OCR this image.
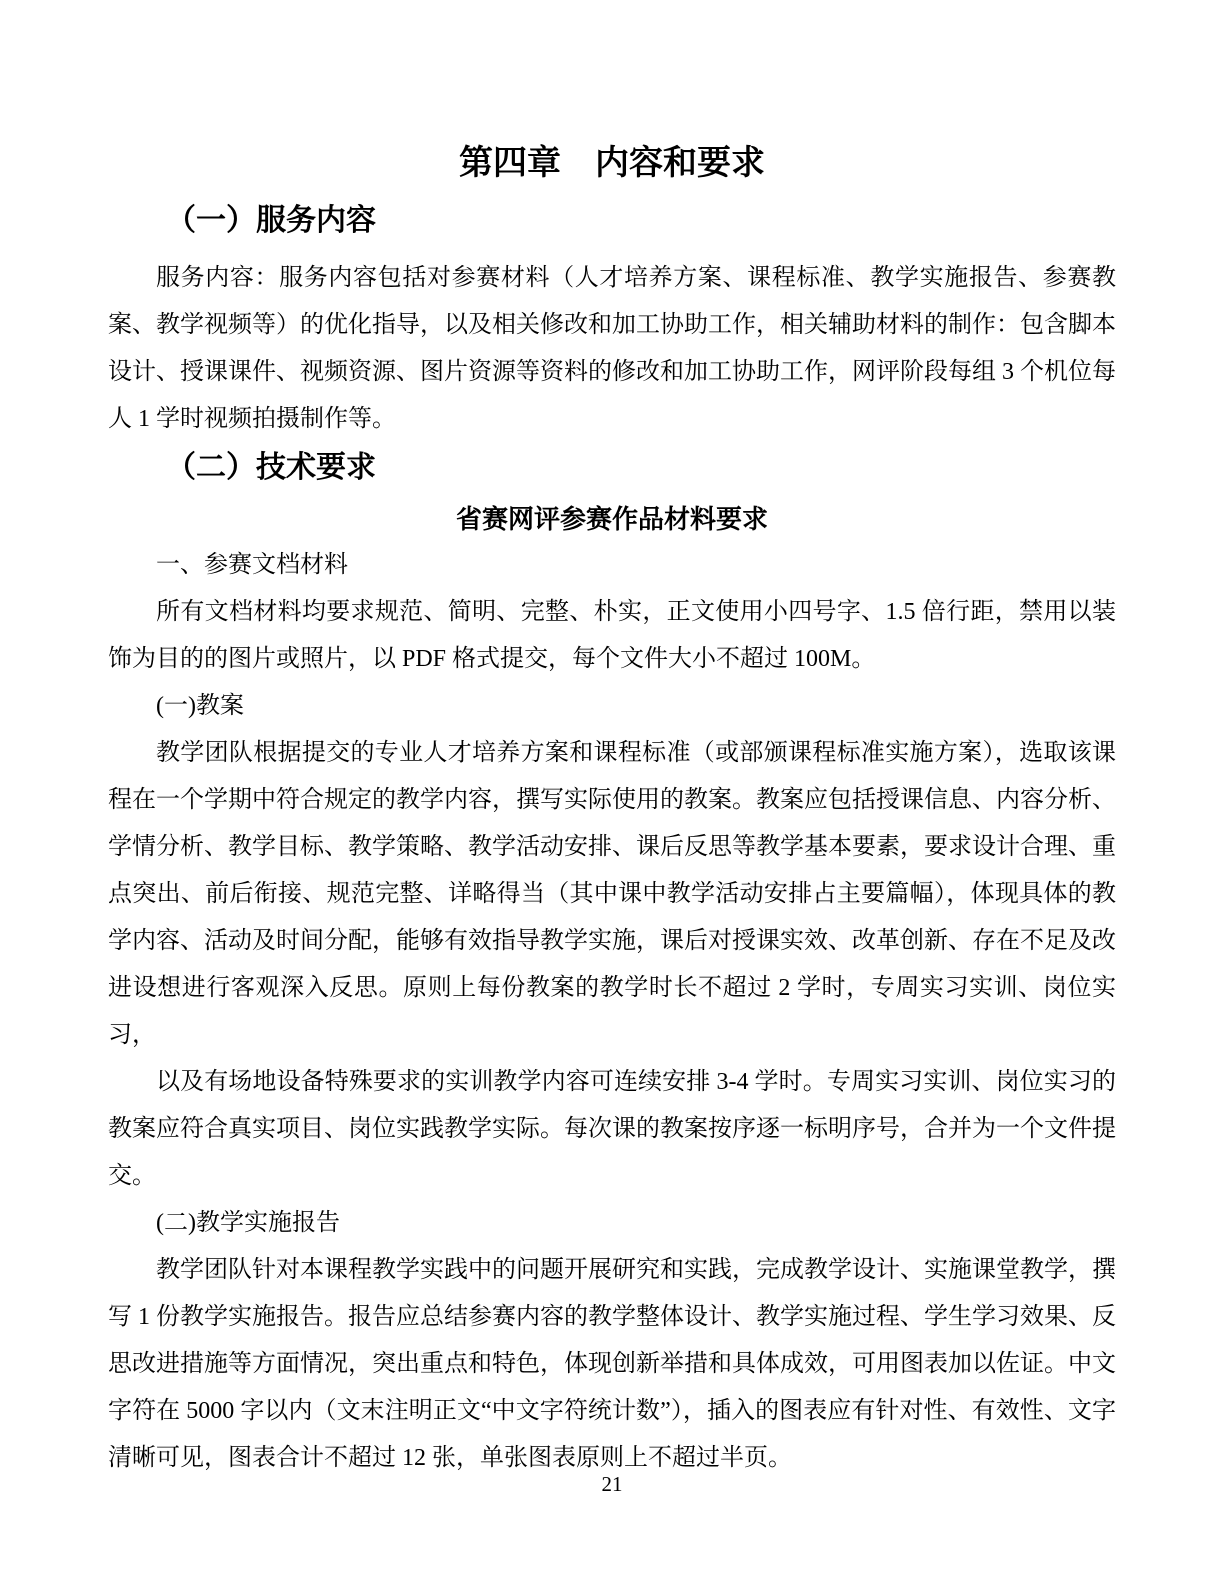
第四章　内容和要求
（一）服务内容

服务内容：服务内容包括对参赛材料（人才培养方案、课程标准、教学实施报告、参赛教案、教学视频等）的优化指导，以及相关修改和加工协助工作，相关辅助材料的制作：包含脚本设计、授课课件、视频资源、图片资源等资料的修改和加工协助工作，网评阶段每组 3 个机位每人 1 学时视频拍摄制作等。

（二）技术要求
省赛网评参赛作品材料要求

一、参赛文档材料

所有文档材料均要求规范、简明、完整、朴实，正文使用小四号字、1.5 倍行距，禁用以装饰为目的的图片或照片，以 PDF 格式提交，每个文件大小不超过 100M。

(一)教案

教学团队根据提交的专业人才培养方案和课程标准（或部颁课程标准实施方案），选取该课程在一个学期中符合规定的教学内容，撰写实际使用的教案。教案应包括授课信息、内容分析、学情分析、教学目标、教学策略、教学活动安排、课后反思等教学基本要素，要求设计合理、重点突出、前后衔接、规范完整、详略得当（其中课中教学活动安排占主要篇幅），体现具体的教学内容、活动及时间分配，能够有效指导教学实施，课后对授课实效、改革创新、存在不足及改进设想进行客观深入反思。原则上每份教案的教学时长不超过 2 学时，专周实习实训、岗位实习，

以及有场地设备特殊要求的实训教学内容可连续安排 3-4 学时。专周实习实训、岗位实习的教案应符合真实项目、岗位实践教学实际。每次课的教案按序逐一标明序号，合并为一个文件提交。

(二)教学实施报告

教学团队针对本课程教学实践中的问题开展研究和实践，完成教学设计、实施课堂教学，撰写 1 份教学实施报告。报告应总结参赛内容的教学整体设计、教学实施过程、学生学习效果、反思改进措施等方面情况，突出重点和特色，体现创新举措和具体成效，可用图表加以佐证。中文字符在 5000 字以内（文末注明正文“中文字符统计数”），插入的图表应有针对性、有效性、文字清晰可见，图表合计不超过 12 张，单张图表原则上不超过半页。

21
